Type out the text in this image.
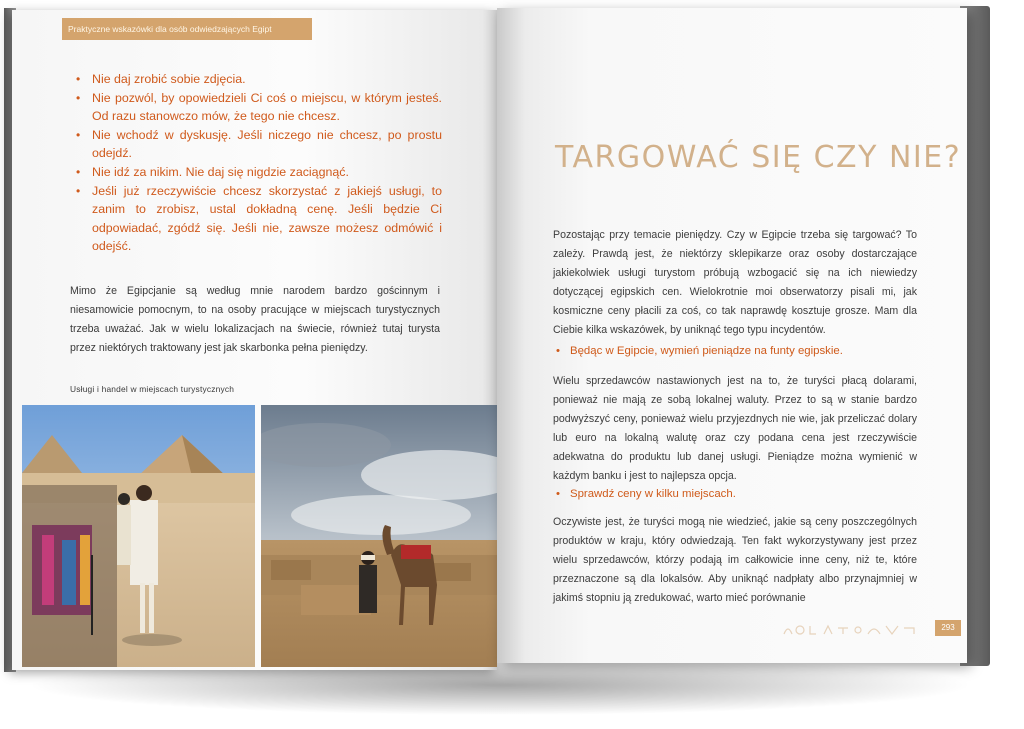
Praktyczne wskazówki dla osób odwiedzających Egipt
• Nie daj zrobić sobie zdjęcia.
• Nie pozwól, by opowiedzieli Ci coś o miejscu, w którym jesteś. Od razu stanowczo mów, że tego nie chcesz.
• Nie wchodź w dyskusję. Jeśli niczego nie chcesz, po prostu odejdź.
• Nie idź za nikim. Nie daj się nigdzie zaciągnąć.
• Jeśli już rzeczywiście chcesz skorzystać z jakiejś usługi, to zanim to zrobisz, ustal dokładną cenę. Jeśli będzie Ci odpowiadać, zgódź się. Jeśli nie, zawsze możesz odmówić i odejść.
Mimo że Egipcjanie są według mnie narodem bardzo gościnnym i niesamowicie pomocnym, to na osoby pracujące w miejscach turystycznych trzeba uważać. Jak w wielu lokalizacjach na świecie, również tutaj turysta przez niektórych traktowany jest jak skarbonka pełna pieniędzy.
Usługi i handel w miejscach turystycznych
TARGOWAĆ SIĘ CZY NIE?
Pozostając przy temacie pieniędzy. Czy w Egipcie trzeba się targować? To zależy. Prawdą jest, że niektórzy sklepikarze oraz osoby dostarczające jakiekolwiek usługi turystom próbują wzbogacić się na ich niewiedzy dotyczącej egipskich cen. Wielokrotnie moi obserwatorzy pisali mi, jak kosmiczne ceny płacili za coś, co tak naprawdę kosztuje grosze. Mam dla Ciebie kilka wskazówek, by uniknąć tego typu incydentów.
• Będąc w Egipcie, wymień pieniądze na funty egipskie.
Wielu sprzedawców nastawionych jest na to, że turyści płacą dolarami, ponieważ nie mają ze sobą lokalnej waluty. Przez to są w stanie bardzo podwyższyć ceny, ponieważ wielu przyjezdnych nie wie, jak przeliczać dolary lub euro na lokalną walutę oraz czy podana cena jest rzeczywiście adekwatna do produktu lub danej usługi. Pieniądze można wymienić w każdym banku i jest to najlepsza opcja.
• Sprawdź ceny w kilku miejscach.
Oczywiste jest, że turyści mogą nie wiedzieć, jakie są ceny poszczególnych produktów w kraju, który odwiedzają. Ten fakt wykorzystywany jest przez wielu sprzedawców, którzy podają im całkowicie inne ceny, niż te, które przeznaczone są dla lokalsów. Aby uniknąć nadpłaty albo przynajmniej w jakimś stopniu ją zredukować, warto mieć porównanie
293
